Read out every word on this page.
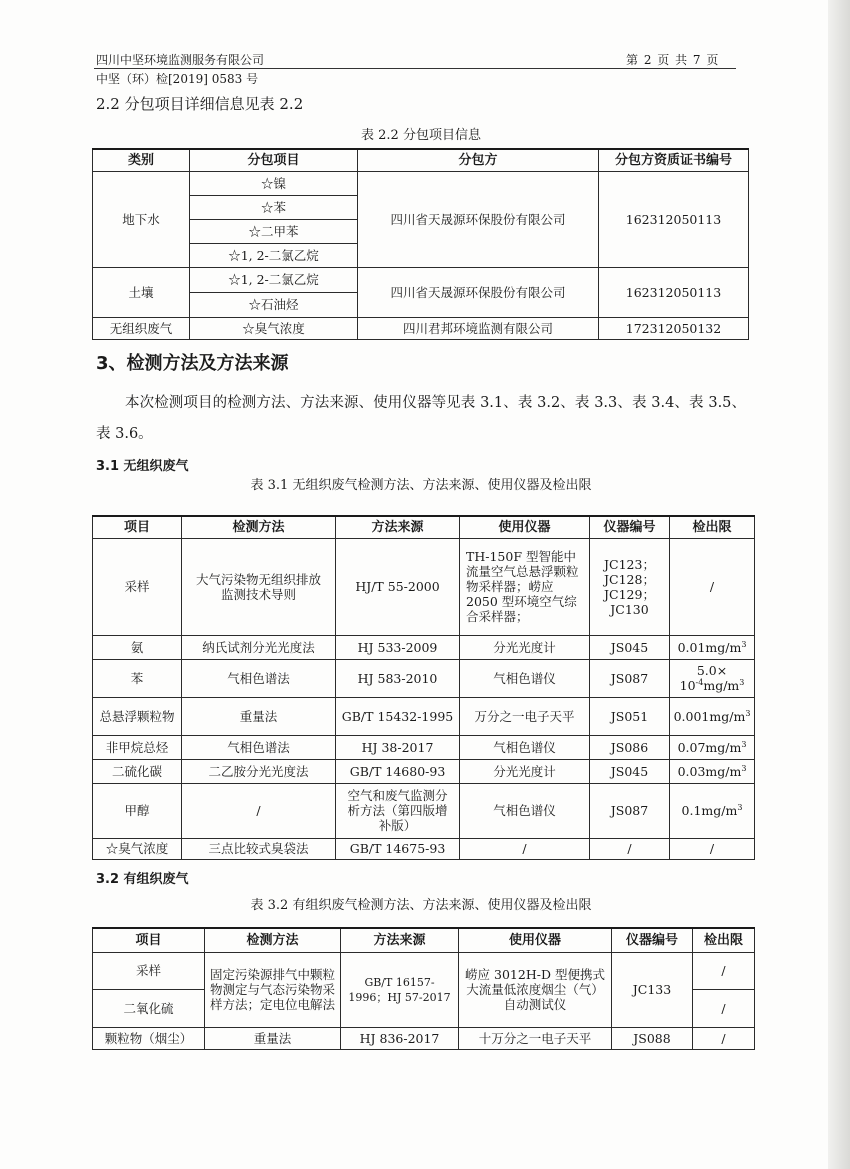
四川中坚环境监测服务有限公司	第 2 页 共 7 页
中坚（环）检[2019] 0583 号
2.2 分包项目详细信息见表 2.2
表 2.2 分包项目信息
类别	分包项目	分包方	分包方资质证书编号
地下水	☆镍	四川省天晟源环保股份有限公司	162312050113
	☆苯		
	☆二甲苯		
	☆1, 2-二氯乙烷		
土壤	☆1, 2-二氯乙烷	四川省天晟源环保股份有限公司	162312050113
	☆石油烃		
无组织废气	☆臭气浓度	四川君邦环境监测有限公司	172312050132
3、检测方法及方法来源
本次检测项目的检测方法、方法来源、使用仪器等见表 3.1、表 3.2、表 3.3、表 3.4、表 3.5、表 3.6。
3.1 无组织废气
表 3.1 无组织废气检测方法、方法来源、使用仪器及检出限
项目	检测方法	方法来源	使用仪器	仪器编号	检出限
采样	大气污染物无组织排放监测技术导则	HJ/T 55-2000	TH-150F 型智能中流量空气总悬浮颗粒物采样器；崂应 2050 型环境空气综合采样器；	JC123；JC128；JC129；JC130	/
氨	纳氏试剂分光光度法	HJ 533-2009	分光光度计	JS045	$0.01mg/m^3$
苯	气相色谱法	HJ 583-2010	气相色谱仪	JS087	5.0×
$10^{-4}mg/m^3$

总悬浮颗粒物	重量法	GB/T 15432-1995	万分之一电子天平	JS051	$0.001mg/m^3$
非甲烷总烃	气相色谱法	HJ 38-2017	气相色谱仪	JS086	$0.07mg/m^3$
二硫化碳	二乙胺分光光度法	GB/T 14680-93	分光光度计	JS045	$0.03mg/m^3$
甲醇	/	空气和废气监测分析方法（第四版增补版）	气相色谱仪	JS087	$0.1mg/m^3$
☆臭气浓度	三点比较式臭袋法	GB/T 14675-93	/	/	/
3.2 有组织废气
表 3.2 有组织废气检测方法、方法来源、使用仪器及检出限
项目	检测方法	方法来源	使用仪器	仪器编号	检出限
采样	固定污染源排气中颗粒物测定与气态污染物采样方法；定电位电解法	GB/T 16157-1996；HJ 57-2017	崂应 3012H-D 型便携式大流量低浓度烟尘（气）自动测试仪	JC133	/
二氧化硫					/
颗粒物（烟尘）	重量法	HJ 836-2017	十万分之一电子天平	JS088	/
